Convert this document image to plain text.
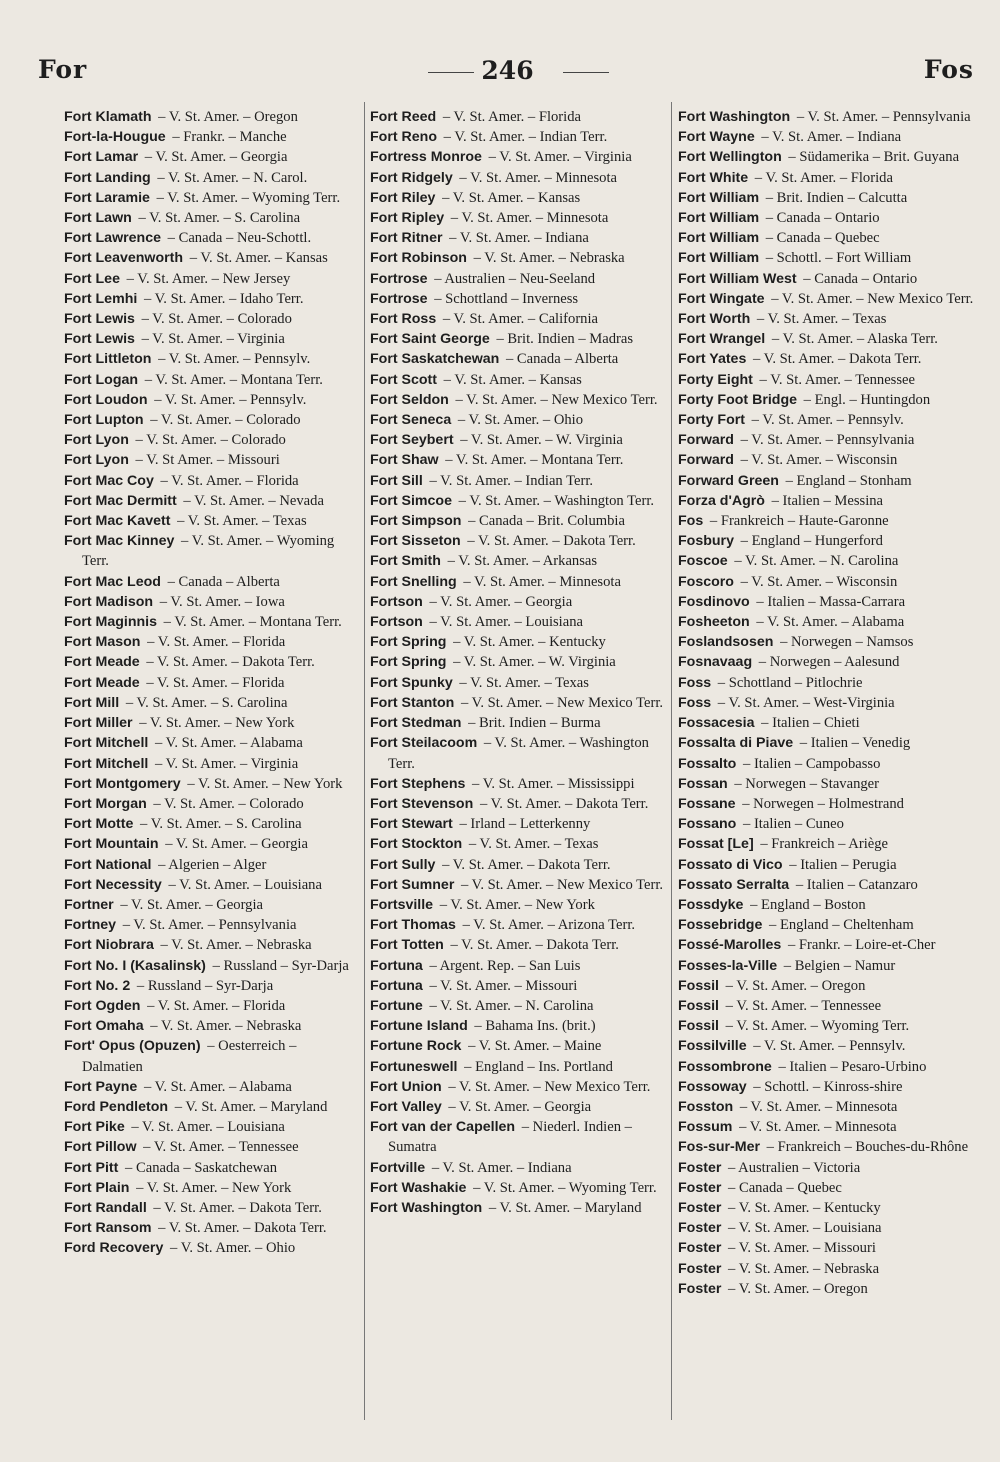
For	246	Fos
Fort Klamath – V. St. Amer. – Oregon
Fort-la-Hougue – Frankr. – Manche
Fort Lamar – V. St. Amer. – Georgia
Fort Landing – V. St. Amer. – N. Carol.
Fort Laramie – V. St. Amer. – Wyoming Terr.
Fort Lawn – V. St. Amer. – S. Carolina
Fort Lawrence – Canada – Neu-Schottl.
Fort Leavenworth – V. St. Amer. – Kansas
Fort Lee – V. St. Amer. – New Jersey
Fort Lemhi – V. St. Amer. – Idaho Terr.
Fort Lewis – V. St. Amer. – Colorado
Fort Lewis – V. St. Amer. – Virginia
Fort Littleton – V. St. Amer. – Pennsylv.
Fort Logan – V. St. Amer. – Montana Terr.
Fort Loudon – V. St. Amer. – Pennsylv.
Fort Lupton – V. St. Amer. – Colorado
Fort Lyon – V. St. Amer. – Colorado
Fort Lyon – V. St Amer. – Missouri
Fort Mac Coy – V. St. Amer. – Florida
Fort Mac Dermitt – V. St. Amer. – Nevada
Fort Mac Kavett – V. St. Amer. – Texas
Fort Mac Kinney – V. St. Amer. – Wyoming Terr.
Fort Mac Leod – Canada – Alberta
Fort Madison – V. St. Amer. – Iowa
Fort Maginnis – V. St. Amer. – Montana Terr.
Fort Mason – V. St. Amer. – Florida
Fort Meade – V. St. Amer. – Dakota Terr.
Fort Meade – V. St. Amer. – Florida
Fort Mill – V. St. Amer. – S. Carolina
Fort Miller – V. St. Amer. – New York
Fort Mitchell – V. St. Amer. – Alabama
Fort Mitchell – V. St. Amer. – Virginia
Fort Montgomery – V. St. Amer. – New York
Fort Morgan – V. St. Amer. – Colorado
Fort Motte – V. St. Amer. – S. Carolina
Fort Mountain – V. St. Amer. – Georgia
Fort National – Algerien – Alger
Fort Necessity – V. St. Amer. – Louisiana
Fortner – V. St. Amer. – Georgia
Fortney – V. St. Amer. – Pennsylvania
Fort Niobrara – V. St. Amer. – Nebraska
Fort No. I (Kasalinsk) – Russland – Syr-Darja
Fort No. 2 – Russland – Syr-Darja
Fort Ogden – V. St. Amer. – Florida
Fort Omaha – V. St. Amer. – Nebraska
Fort' Opus (Opuzen) – Oesterreich – Dalmatien
Fort Payne – V. St. Amer. – Alabama
Ford Pendleton – V. St. Amer. – Maryland
Fort Pike – V. St. Amer. – Louisiana
Fort Pillow – V. St. Amer. – Tennessee
Fort Pitt – Canada – Saskatchewan
Fort Plain – V. St. Amer. – New York
Fort Randall – V. St. Amer. – Dakota Terr.
Fort Ransom – V. St. Amer. – Dakota Terr.
Ford Recovery – V. St. Amer. – Ohio
Fort Reed – V. St. Amer. – Florida
Fort Reno – V. St. Amer. – Indian Terr.
Fortress Monroe – V. St. Amer. – Virginia
Fort Ridgely – V. St. Amer. – Minnesota
Fort Riley – V. St. Amer. – Kansas
Fort Ripley – V. St. Amer. – Minnesota
Fort Ritner – V. St. Amer. – Indiana
Fort Robinson – V. St. Amer. – Nebraska
Fortrose – Australien – Neu-Seeland
Fortrose – Schottland – Inverness
Fort Ross – V. St. Amer. – California
Fort Saint George – Brit. Indien – Madras
Fort Saskatchewan – Canada – Alberta
Fort Scott – V. St. Amer. – Kansas
Fort Seldon – V. St. Amer. – New Mexico Terr.
Fort Seneca – V. St. Amer. – Ohio
Fort Seybert – V. St. Amer. – W. Virginia
Fort Shaw – V. St. Amer. – Montana Terr.
Fort Sill – V. St. Amer. – Indian Terr.
Fort Simcoe – V. St. Amer. – Washington Terr.
Fort Simpson – Canada – Brit. Columbia
Fort Sisseton – V. St. Amer. – Dakota Terr.
Fort Smith – V. St. Amer. – Arkansas
Fort Snelling – V. St. Amer. – Minnesota
Fortson – V. St. Amer. – Georgia
Fortson – V. St. Amer. – Louisiana
Fort Spring – V. St. Amer. – Kentucky
Fort Spring – V. St. Amer. – W. Virginia
Fort Spunky – V. St. Amer. – Texas
Fort Stanton – V. St. Amer. – New Mexico Terr.
Fort Stedman – Brit. Indien – Burma
Fort Steilacoom – V. St. Amer. – Washington Terr.
Fort Stephens – V. St. Amer. – Mississippi
Fort Stevenson – V. St. Amer. – Dakota Terr.
Fort Stewart – Irland – Letterkenny
Fort Stockton – V. St. Amer. – Texas
Fort Sully – V. St. Amer. – Dakota Terr.
Fort Sumner – V. St. Amer. – New Mexico Terr.
Fortsville – V. St. Amer. – New York
Fort Thomas – V. St. Amer. – Arizona Terr.
Fort Totten – V. St. Amer. – Dakota Terr.
Fortuna – Argent. Rep. – San Luis
Fortuna – V. St. Amer. – Missouri
Fortune – V. St. Amer. – N. Carolina
Fortune Island – Bahama Ins. (brit.)
Fortune Rock – V. St. Amer. – Maine
Fortuneswell – England – Ins. Portland
Fort Union – V. St. Amer. – New Mexico Terr.
Fort Valley – V. St. Amer. – Georgia
Fort van der Capellen – Niederl. Indien – Sumatra
Fortville – V. St. Amer. – Indiana
Fort Washakie – V. St. Amer. – Wyoming Terr.
Fort Washington – V. St. Amer. – Maryland
Fort Washington – V. St. Amer. – Pennsylvania
Fort Wayne – V. St. Amer. – Indiana
Fort Wellington – Südamerika – Brit. Guyana
Fort White – V. St. Amer. – Florida
Fort William – Brit. Indien – Calcutta
Fort William – Canada – Ontario
Fort William – Canada – Quebec
Fort William – Schottl. – Fort William
Fort William West – Canada – Ontario
Fort Wingate – V. St. Amer. – New Mexico Terr.
Fort Worth – V. St. Amer. – Texas
Fort Wrangel – V. St. Amer. – Alaska Terr.
Fort Yates – V. St. Amer. – Dakota Terr.
Forty Eight – V. St. Amer. – Tennessee
Forty Foot Bridge – Engl. – Huntingdon
Forty Fort – V. St. Amer. – Pennsylv.
Forward – V. St. Amer. – Pennsylvania
Forward – V. St. Amer. – Wisconsin
Forward Green – England – Stonham
Forza d'Agrò – Italien – Messina
Fos – Frankreich – Haute-Garonne
Fosbury – England – Hungerford
Foscoe – V. St. Amer. – N. Carolina
Foscoro – V. St. Amer. – Wisconsin
Fosdinovo – Italien – Massa-Carrara
Fosheeton – V. St. Amer. – Alabama
Foslandsosen – Norwegen – Namsos
Fosnavaag – Norwegen – Aalesund
Foss – Schottland – Pitlochrie
Foss – V. St. Amer. – West-Virginia
Fossacesia – Italien – Chieti
Fossalta di Piave – Italien – Venedig
Fossalto – Italien – Campobasso
Fossan – Norwegen – Stavanger
Fossane – Norwegen – Holmestrand
Fossano – Italien – Cuneo
Fossat [Le] – Frankreich – Ariège
Fossato di Vico – Italien – Perugia
Fossato Serralta – Italien – Catanzaro
Fossdyke – England – Boston
Fossebridge – England – Cheltenham
Fossé-Marolles – Frankr. – Loire-et-Cher
Fosses-la-Ville – Belgien – Namur
Fossil – V. St. Amer. – Oregon
Fossil – V. St. Amer. – Tennessee
Fossil – V. St. Amer. – Wyoming Terr.
Fossilville – V. St. Amer. – Pennsylv.
Fossombrone – Italien – Pesaro-Urbino
Fossoway – Schottl. – Kinross-shire
Fosston – V. St. Amer. – Minnesota
Fossum – V. St. Amer. – Minnesota
Fos-sur-Mer – Frankreich – Bouches-du-Rhône
Foster – Australien – Victoria
Foster – Canada – Quebec
Foster – V. St. Amer. – Kentucky
Foster – V. St. Amer. – Louisiana
Foster – V. St. Amer. – Missouri
Foster – V. St. Amer. – Nebraska
Foster – V. St. Amer. – Oregon
